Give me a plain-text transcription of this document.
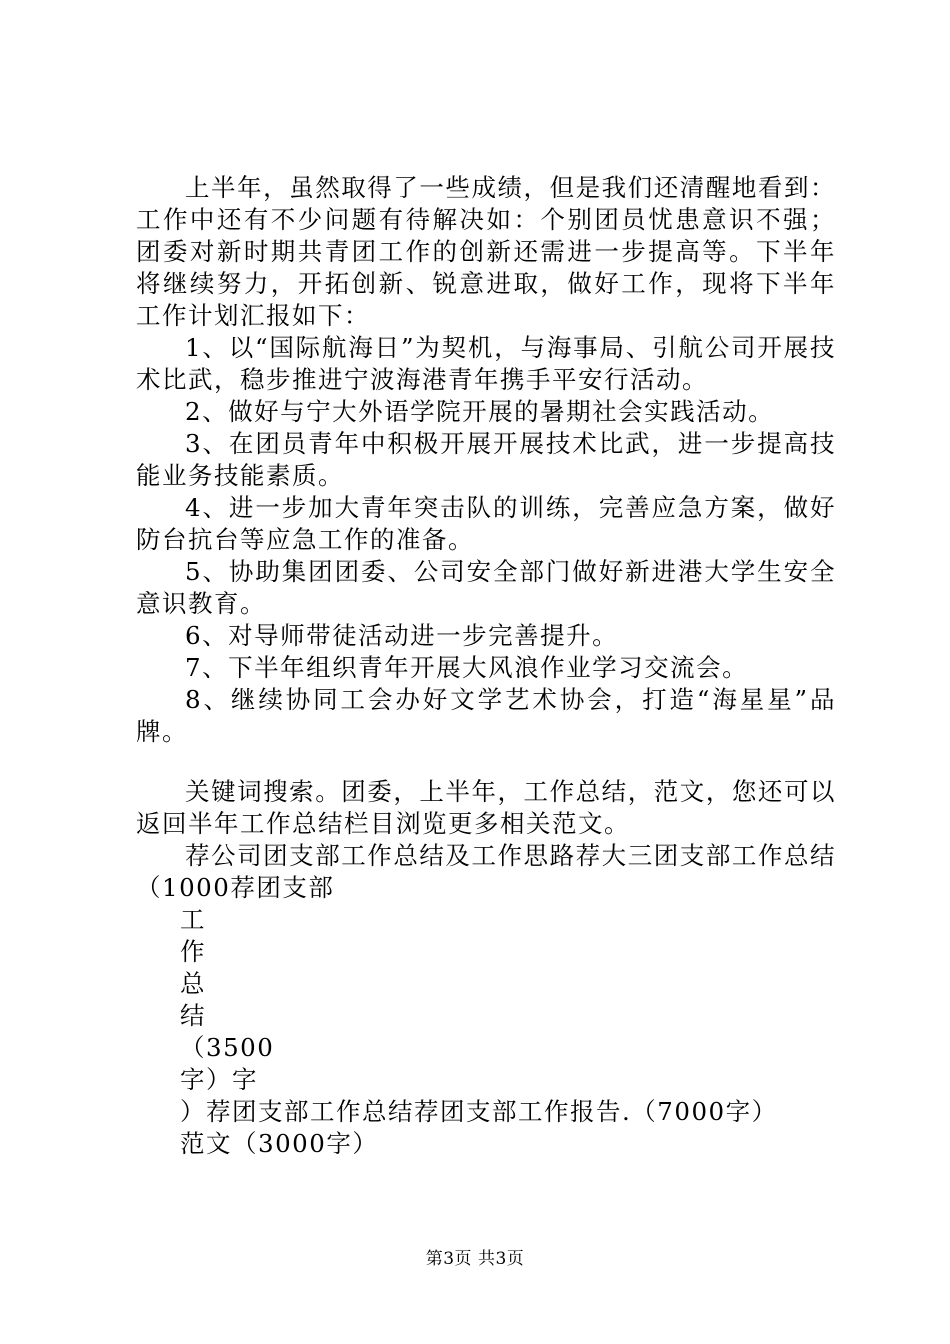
上半年，虽然取得了一些成绩，但是我们还清醒地看到：工作中还有不少问题有待解决如：个别团员忧患意识不强；团委对新时期共青团工作的创新还需进一步提高等。下半年将继续努力，开拓创新、锐意进取，做好工作，现将下半年工作计划汇报如下：

1、以“国际航海日”为契机，与海事局、引航公司开展技术比武，稳步推进宁波海港青年携手平安行活动。

2、做好与宁大外语学院开展的暑期社会实践活动。

3、在团员青年中积极开展开展技术比武，进一步提高技能业务技能素质。

4、进一步加大青年突击队的训练，完善应急方案，做好防台抗台等应急工作的准备。

5、协助集团团委、公司安全部门做好新进港大学生安全意识教育。

6、对导师带徒活动进一步完善提升。

7、下半年组织青年开展大风浪作业学习交流会。

8、继续协同工会办好文学艺术协会，打造“海星星”品牌。

关键词搜索。团委，上半年，工作总结，范文，您还可以返回半年工作总结栏目浏览更多相关范文。

荐公司团支部工作总结及工作思路荐大三团支部工作总结（1000荐团支部

工
作
总
结
（3500
字）字
）荐团支部工作总结荐团支部工作报告.（7000字）
范文（3000字）
第3页 共3页
